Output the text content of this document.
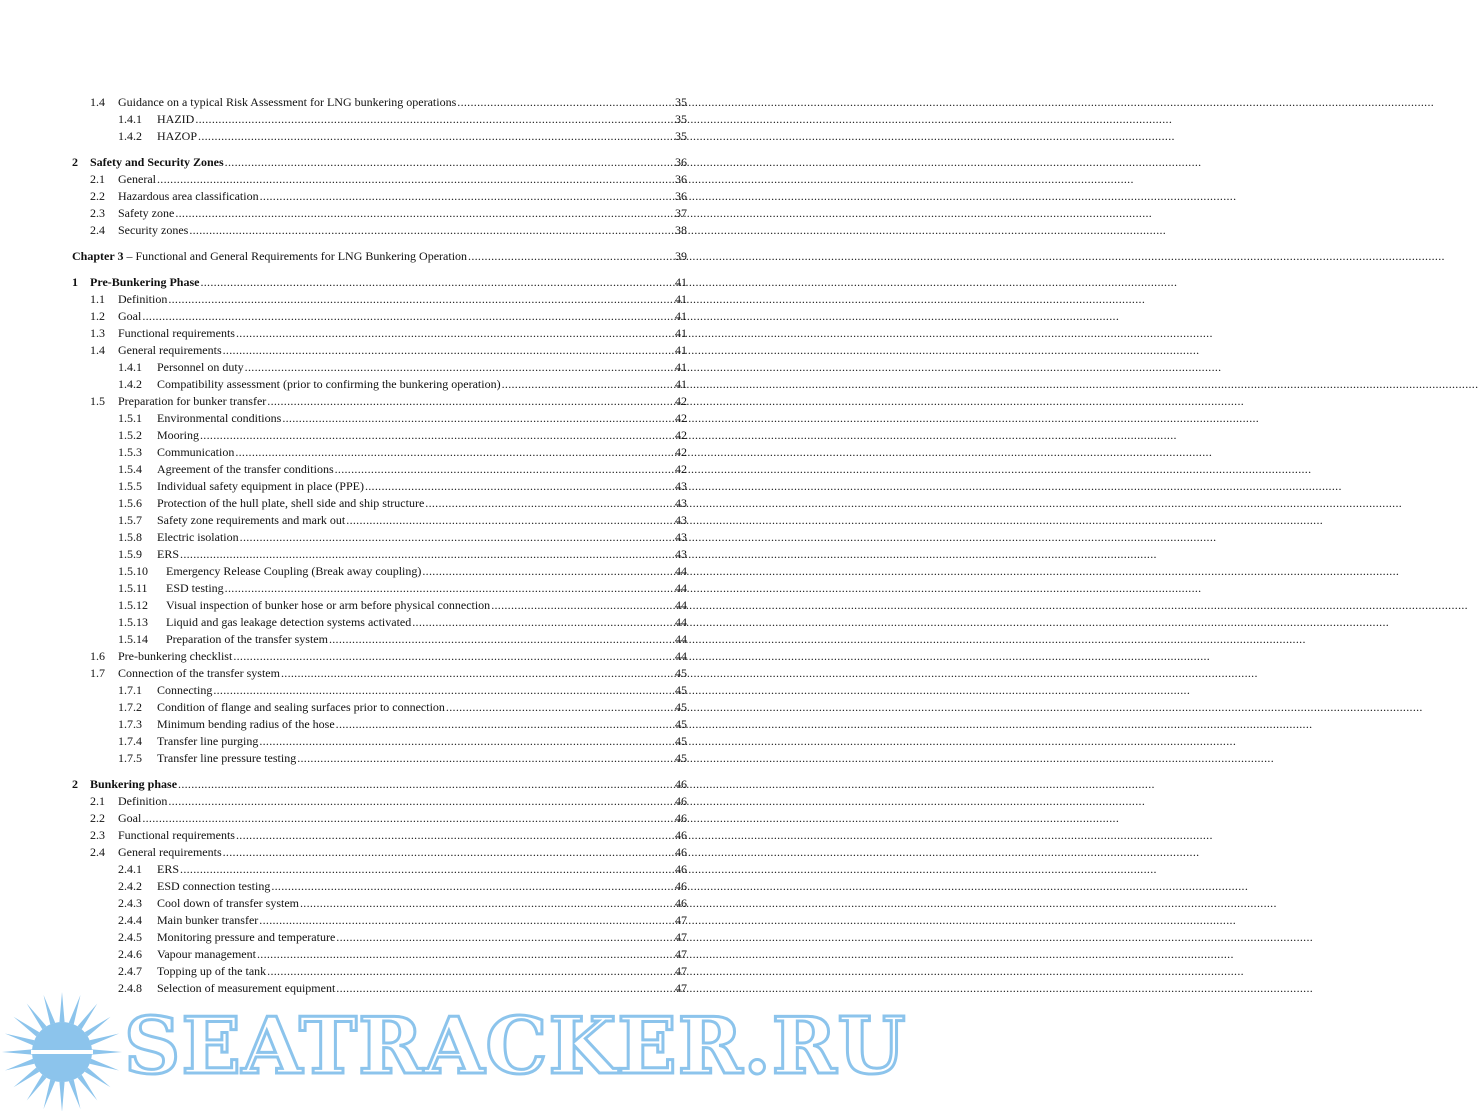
1.4 Guidance on a typical Risk Assessment for LNG bunkering operations .....	35
1.4.1 HAZID .....	35
1.4.2 HAZOP .....	35
2 Safety and Security Zones .....	36
2.1 General .....	36
2.2 Hazardous area classification .....	36
2.3 Safety zone .....	37
2.4 Security zones .....	38
Chapter 3 – Functional and General Requirements for LNG Bunkering Operation .....	39
1 Pre-Bunkering Phase .....	41
1.1 Definition .....	41
1.2 Goal .....	41
1.3 Functional requirements .....	41
1.4 General requirements .....	41
1.4.1 Personnel on duty .....	41
1.4.2 Compatibility assessment (prior to confirming the bunkering operation) .....	41
1.5 Preparation for bunker transfer .....	42
1.5.1 Environmental conditions .....	42
1.5.2 Mooring .....	42
1.5.3 Communication .....	42
1.5.4 Agreement of the transfer conditions .....	42
1.5.5 Individual safety equipment in place (PPE) .....	43
1.5.6 Protection of the hull plate, shell side and ship structure .....	43
1.5.7 Safety zone requirements and mark out .....	43
1.5.8 Electric isolation .....	43
1.5.9 ERS .....	43
1.5.10 Emergency Release Coupling (Break away coupling) .....	44
1.5.11 ESD testing .....	44
1.5.12 Visual inspection of bunker hose or arm before physical connection .....	44
1.5.13 Liquid and gas leakage detection systems activated .....	44
1.5.14 Preparation of the transfer system .....	44
1.6 Pre-bunkering checklist .....	44
1.7 Connection of the transfer system .....	45
1.7.1 Connecting .....	45
1.7.2 Condition of flange and sealing surfaces prior to connection .....	45
1.7.3 Minimum bending radius of the hose .....	45
1.7.4 Transfer line purging .....	45
1.7.5 Transfer line pressure testing .....	45
2 Bunkering phase .....	46
2.1 Definition .....	46
2.2 Goal .....	46
2.3 Functional requirements .....	46
2.4 General requirements .....	46
2.4.1 ERS .....	46
2.4.2 ESD connection testing .....	46
2.4.3 Cool down of transfer system .....	46
2.4.4 Main bunker transfer .....	47
2.4.5 Monitoring pressure and temperature .....	47
2.4.6 Vapour management .....	47
2.4.7 Topping up of the tank .....	47
2.4.8 Selection of measurement equipment .....	47
SEATRACKER.RU
